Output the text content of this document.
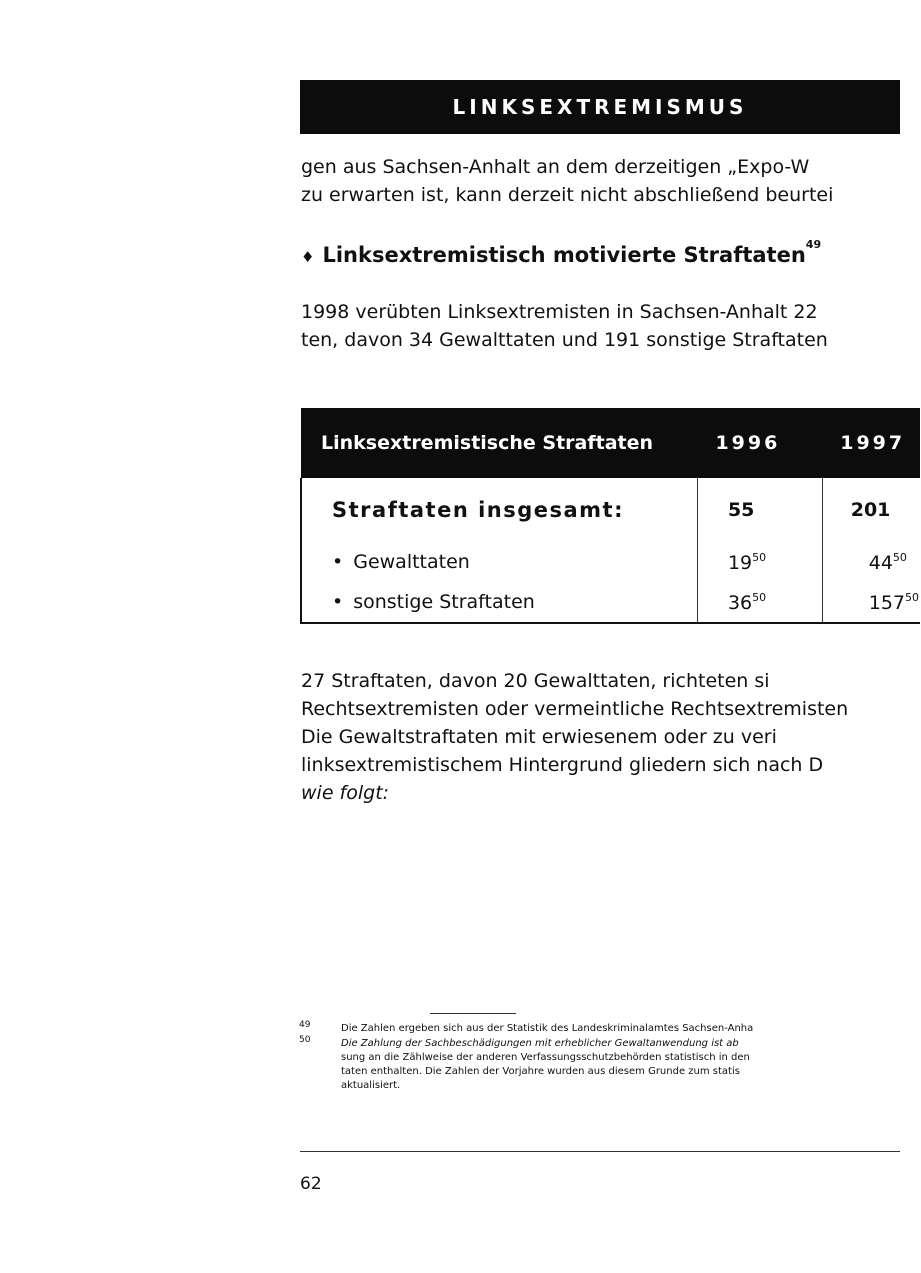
LINKSEXTREMISMUS

gen aus Sachsen-Anhalt an dem derzeitigen „Expo-W

zu erwarten ist, kann derzeit nicht abschließend beurtei

♦ Linksextremistisch motivierte Straftaten$^{49}$

1998 verübten Linksextremisten in Sachsen-Anhalt 22

ten, davon 34 Gewalttaten und 191 sonstige Straftaten

Linksextremistische Straftaten	1996	1997
Straftaten insgesamt:	55	201
• Gewalttaten	19$^{50}$	44$^{50}$
• sonstige Straftaten	36$^{50}$	157$^{50}$

27 Straftaten, davon 20 Gewalttaten, richteten si

Rechtsextremisten oder vermeintliche Rechtsextremisten

Die Gewaltstraftaten mit erwiesenem oder zu veri

linksextremistischem Hintergrund gliedern sich nach D

wie folgt:

49	Die Zahlen ergeben sich aus der Statistik des Landeskriminalamtes Sachsen-Anha
50	Die Zahlung der Sachbeschädigungen mit erheblicher Gewaltanwendung ist ab
sung an die Zählweise der anderen Verfassungsschutzbehörden statistisch in den
taten enthalten. Die Zahlen der Vorjahre wurden aus diesem Grunde zum statis
aktualisiert.
62
